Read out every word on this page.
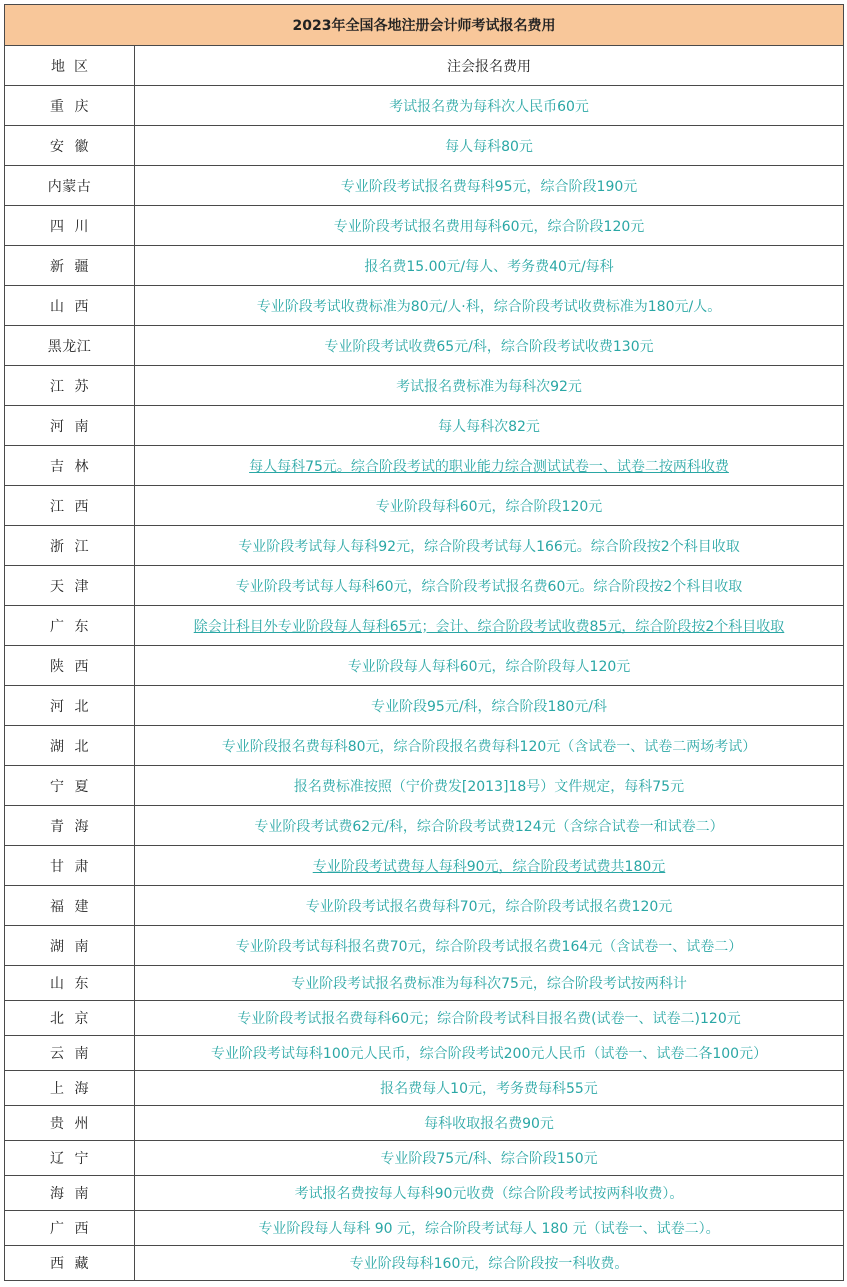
2023年全国各地注册会计师考试报名费用	
地  区	注会报名费用
重  庆	考试报名费为每科次人民币60元
安  徽	每人每科80元
内蒙古	专业阶段考试报名费每科95元，综合阶段190元
四  川	专业阶段考试报名费用每科60元，综合阶段120元
新  疆	报名费15.00元/每人、考务费40元/每科
山  西	专业阶段考试收费标准为80元/人·科，综合阶段考试收费标准为180元/人。
黑龙江	专业阶段考试收费65元/科，综合阶段考试收费130元
江  苏	考试报名费标准为每科次92元
河  南	每人每科次82元
吉  林	每人每科75元。综合阶段考试的职业能力综合测试试卷一、试卷二按两科收费
江  西	专业阶段每科60元，综合阶段120元
浙  江	专业阶段考试每人每科92元，综合阶段考试每人166元。综合阶段按2个科目收取
天  津	专业阶段考试每人每科60元，综合阶段考试报名费60元。综合阶段按2个科目收取
广  东	除会计科目外专业阶段每人每科65元；会计、综合阶段考试收费85元，综合阶段按2个科目收取
陕  西	专业阶段每人每科60元，综合阶段每人120元
河  北	专业阶段95元/科，综合阶段180元/科
湖  北	专业阶段报名费每科80元，综合阶段报名费每科120元（含试卷一、试卷二两场考试）
宁  夏	报名费标准按照（宁价费发[2013]18号）文件规定，每科75元
青  海	专业阶段考试费62元/科，综合阶段考试费124元（含综合试卷一和试卷二）
甘  肃	专业阶段考试费每人每科90元，综合阶段考试费共180元
福  建	专业阶段考试报名费每科70元，综合阶段考试报名费120元
湖  南	专业阶段考试每科报名费70元，综合阶段考试报名费164元（含试卷一、试卷二）
山  东	专业阶段考试报名费标准为每科次75元，综合阶段考试按两科计
北  京	专业阶段考试报名费每科60元；综合阶段考试科目报名费(试卷一、试卷二)120元
云  南	专业阶段考试每科100元人民币，综合阶段考试200元人民币（试卷一、试卷二各100元）
上  海	报名费每人10元，考务费每科55元
贵  州	每科收取报名费90元
辽  宁	专业阶段75元/科、综合阶段150元
海  南	考试报名费按每人每科90元收费（综合阶段考试按两科收费）。
广  西	专业阶段每人每科 90 元，综合阶段考试每人 180 元（试卷一、试卷二）。
西  藏	专业阶段每科160元，综合阶段按一科收费。
